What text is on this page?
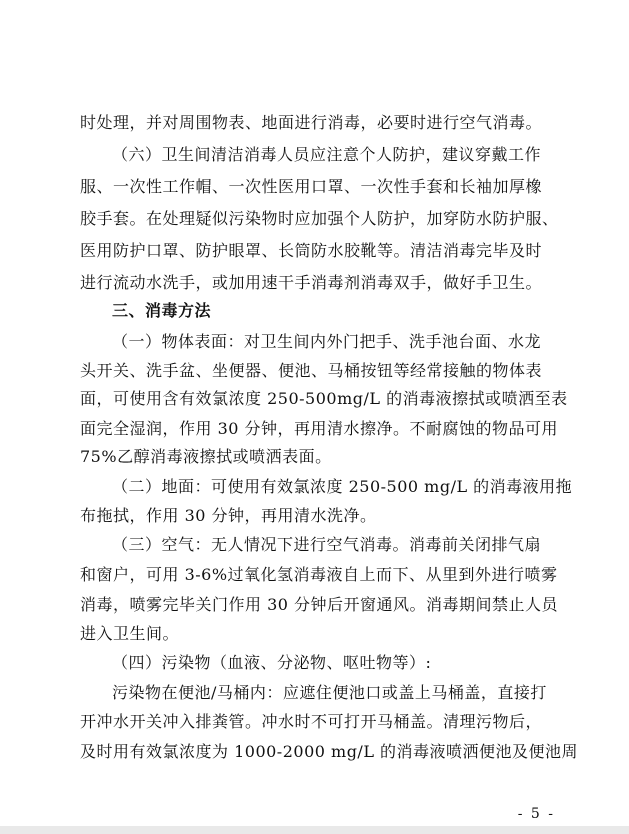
时处理，并对周围物表、地面进行消毒，必要时进行空气消毒。
（六）卫生间清洁消毒人员应注意个人防护，建议穿戴工作
服、一次性工作帽、一次性医用口罩、一次性手套和长袖加厚橡
胶手套。在处理疑似污染物时应加强个人防护，加穿防水防护服、
医用防护口罩、防护眼罩、长筒防水胶靴等。清洁消毒完毕及时
进行流动水洗手，或加用速干手消毒剂消毒双手，做好手卫生。
三、消毒方法
（一）物体表面：对卫生间内外门把手、洗手池台面、水龙
头开关、洗手盆、坐便器、便池、马桶按钮等经常接触的物体表
面，可使用含有效氯浓度 250-500mg/L 的消毒液擦拭或喷洒至表
面完全湿润，作用 30 分钟，再用清水擦净。不耐腐蚀的物品可用
75%乙醇消毒液擦拭或喷洒表面。
（二）地面：可使用有效氯浓度 250-500 mg/L 的消毒液用拖
布拖拭，作用 30 分钟，再用清水洗净。
（三）空气：无人情况下进行空气消毒。消毒前关闭排气扇
和窗户，可用 3-6%过氧化氢消毒液自上而下、从里到外进行喷雾
消毒，喷雾完毕关门作用 30 分钟后开窗通风。消毒期间禁止人员
进入卫生间。
（四）污染物（血液、分泌物、呕吐物等）:
污染物在便池/马桶内：应遮住便池口或盖上马桶盖，直接打
开冲水开关冲入排粪管。冲水时不可打开马桶盖。清理污物后，
及时用有效氯浓度为 1000-2000 mg/L 的消毒液喷洒便池及便池周
- 5 -
